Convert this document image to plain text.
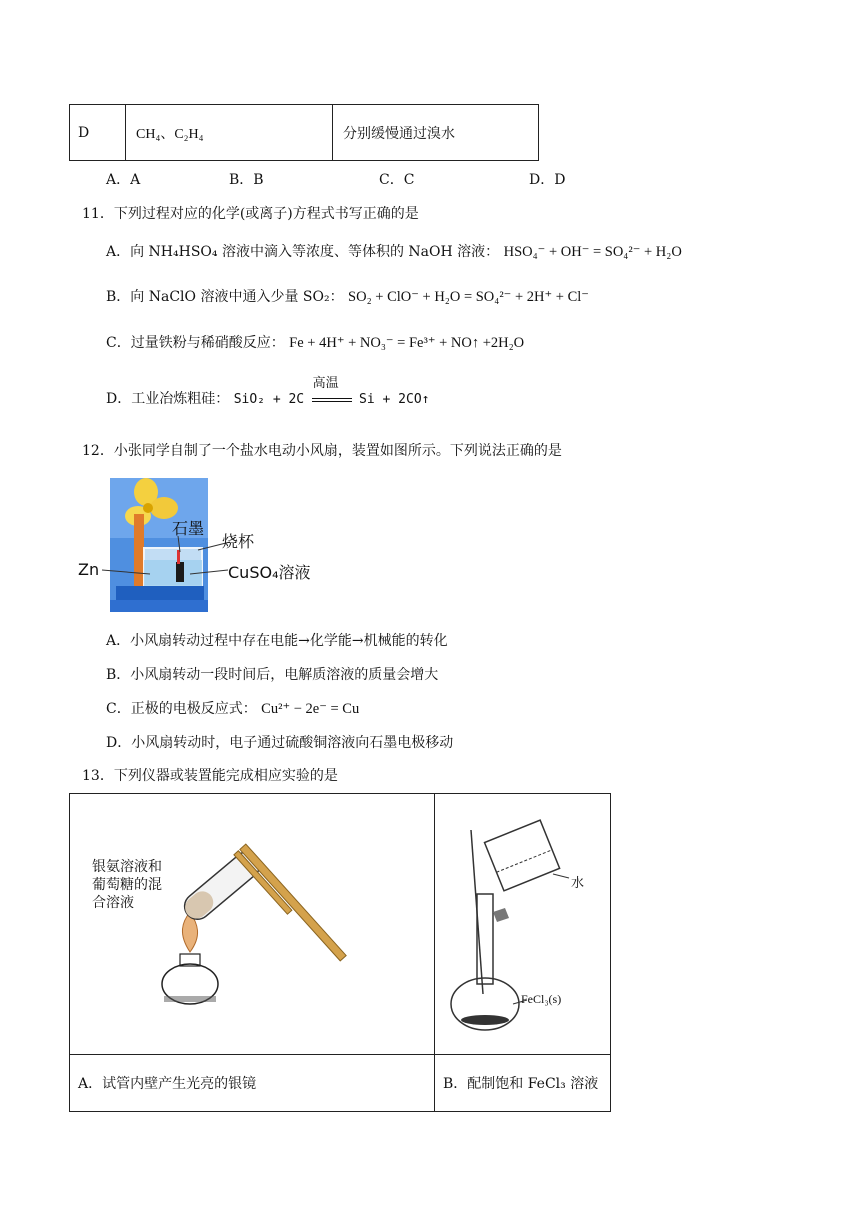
D	CH₄、C₂H₄	分别缓慢通过溴水
A．A	B．B	C．C	D．D
11．下列过程对应的化学(或离子)方程式书写正确的是
A．向 NH₄HSO₄ 溶液中滴入等浓度、等体积的 NaOH 溶液： HSO₄⁻ + OH⁻ = SO₄²⁻ + H₂O
B．向 NaClO 溶液中通入少量 SO₂： SO₂ + ClO⁻ + H₂O = SO₄²⁻ + 2H⁺ + Cl⁻
C．过量铁粉与稀硝酸反应： Fe + 4H⁺ + NO₃⁻ = Fe³⁺ + NO↑ +2H₂O
D．工业冶炼粗硅： SiO₂ + 2C
高温
Si + 2CO↑
12．小张同学自制了一个盐水电动小风扇，装置如图所示。下列说法正确的是
石墨
烧杯
Zn	CuSO₄溶液
A．小风扇转动过程中存在电能→化学能→机械能的转化
B．小风扇转动一段时间后，电解质溶液的质量会增大
C．正极的电极反应式： Cu²⁺ − 2e⁻ = Cu
D．小风扇转动时，电子通过硫酸铜溶液向石墨电极移动
13．下列仪器或装置能完成相应实验的是
银氨溶液和
葡萄糖的混
合溶液	水
FeCl₃(s)

A．试管内壁产生光亮的银镜	B．配制饱和 FeCl₃ 溶液
